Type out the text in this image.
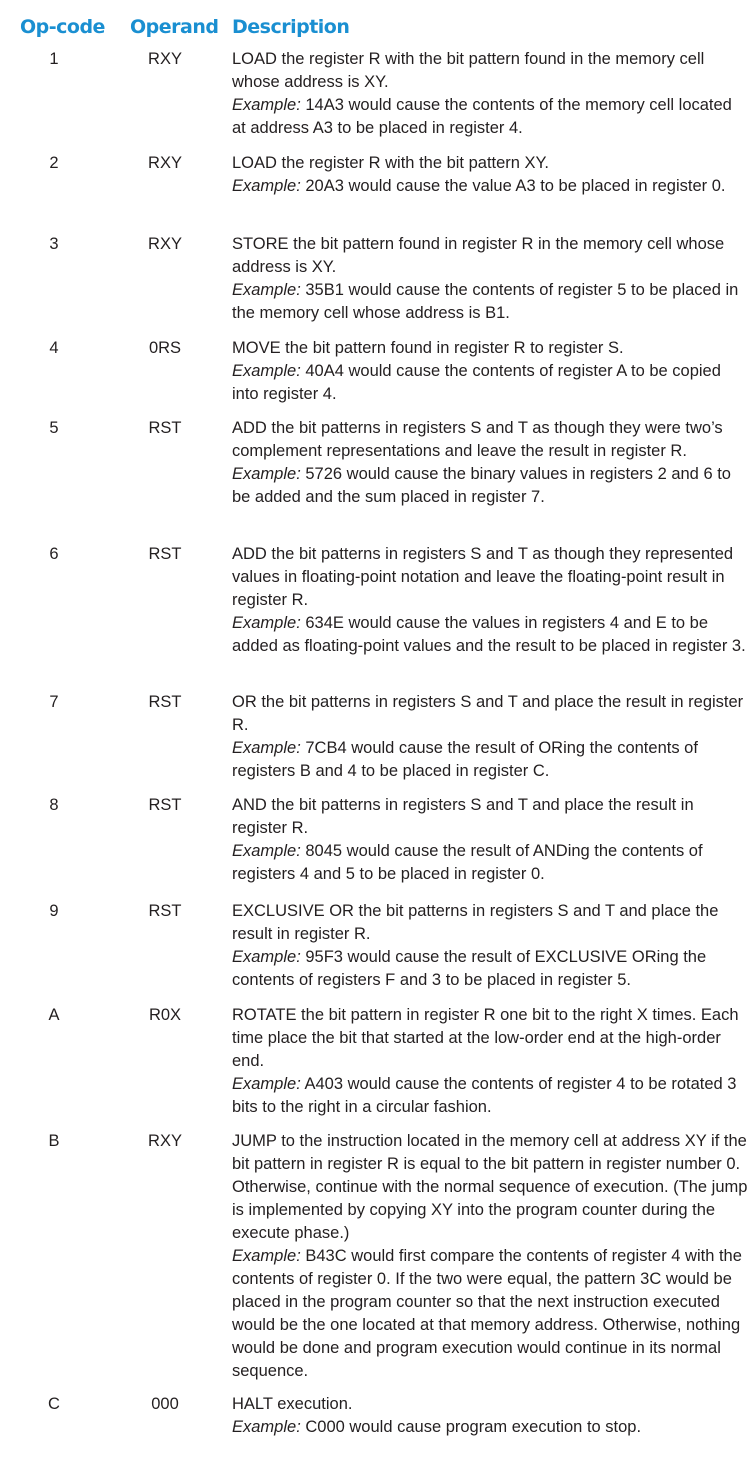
Op-code Operand Description
1	RXY	LOAD the register R with the bit pattern found in the memory cell whose address is XY.

Example: 14A3 would cause the contents of the memory cell located at address A3 to be placed in register 4.

2	RXY	LOAD the register R with the bit pattern XY.

Example: 20A3 would cause the value A3 to be placed in register 0.

3	RXY	STORE the bit pattern found in register R in the memory cell whose address is XY.

Example: 35B1 would cause the contents of register 5 to be placed in the memory cell whose address is B1.

4	0RS	MOVE the bit pattern found in register R to register S.

Example: 40A4 would cause the contents of register A to be copied into register 4.

5	RST	ADD the bit patterns in registers S and T as though they were two’s complement representations and leave the result in register R.

Example: 5726 would cause the binary values in registers 2 and 6 to be added and the sum placed in register 7.

6	RST	ADD the bit patterns in registers S and T as though they represented values in floating-point notation and leave the floating-point result in register R.

Example: 634E would cause the values in registers 4 and E to be added as floating-point values and the result to be placed in register 3.

7	RST	OR the bit patterns in registers S and T and place the result in register R.

Example: 7CB4 would cause the result of ORing the contents of registers B and 4 to be placed in register C.

8	RST	AND the bit patterns in registers S and T and place the result in register R.

Example: 8045 would cause the result of ANDing the contents of registers 4 and 5 to be placed in register 0.

9	RST	EXCLUSIVE OR the bit patterns in registers S and T and place the result in register R.

Example: 95F3 would cause the result of EXCLUSIVE ORing the contents of registers F and 3 to be placed in register 5.

A	R0X	ROTATE the bit pattern in register R one bit to the right X times. Each time place the bit that started at the low-order end at the high-order end.

Example: A403 would cause the contents of register 4 to be rotated 3 bits to the right in a circular fashion.

B	RXY	JUMP to the instruction located in the memory cell at address XY if the bit pattern in register R is equal to the bit pattern in register number 0. Otherwise, continue with the normal sequence of execution. (The jump is implemented by copying XY into the program counter during the execute phase.)

Example: B43C would first compare the contents of register 4 with the contents of register 0. If the two were equal, the pattern 3C would be placed in the program counter so that the next instruction executed would be the one located at that memory address. Otherwise, nothing would be done and program execution would continue in its normal sequence.

C	000	HALT execution.

Example: C000 would cause program execution to stop.
